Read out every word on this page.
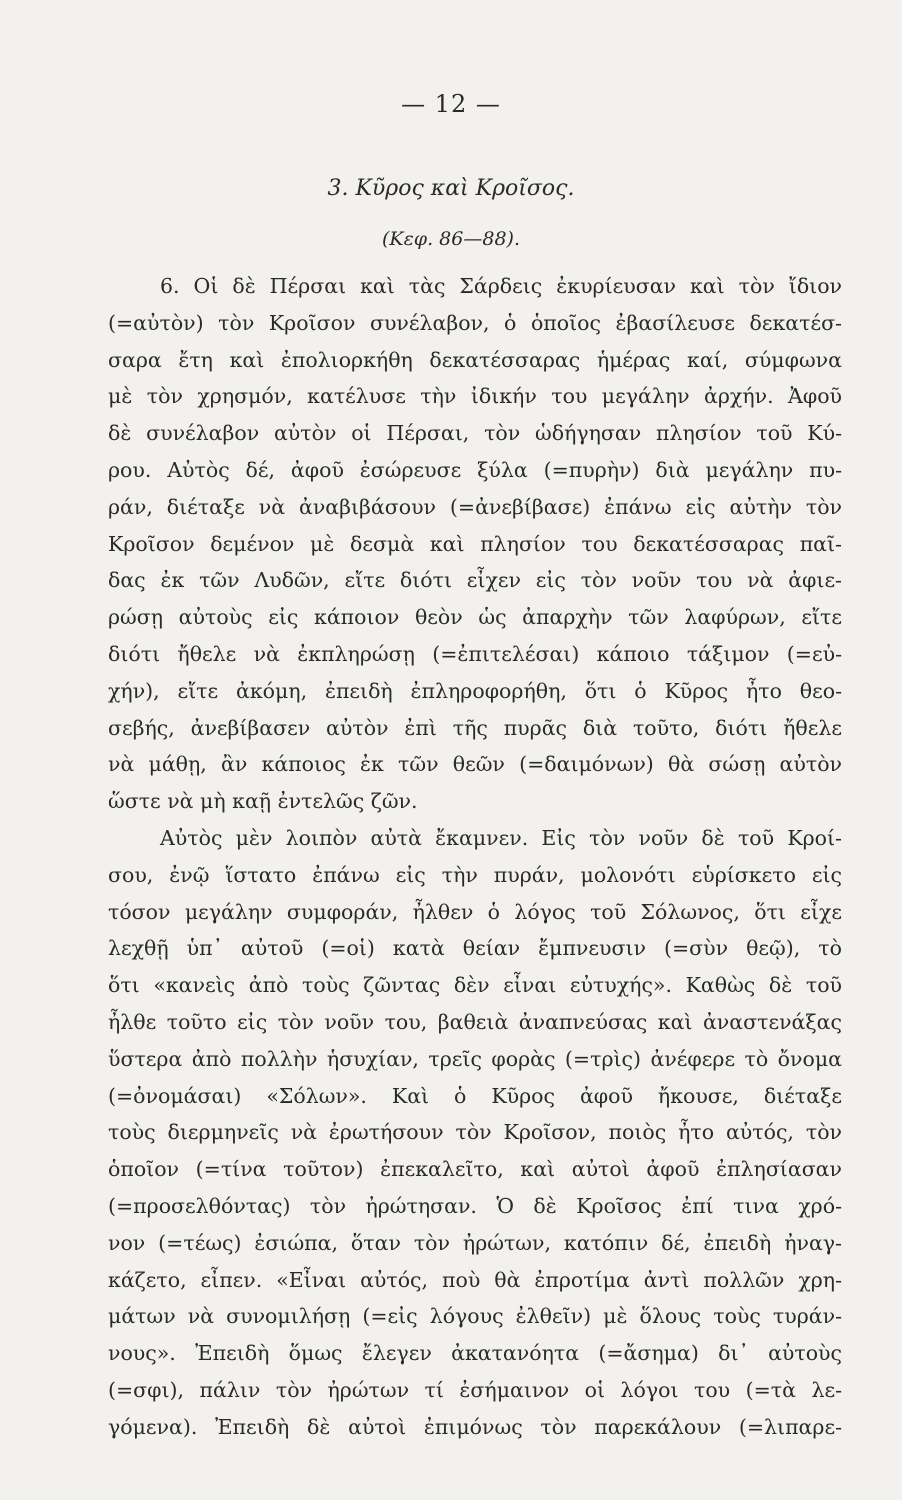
— 12 —
3. Κῦρος καὶ Κροῖσος.
(Κεφ. 86—88).
6. Οἱ δὲ Πέρσαι καὶ τὰς Σάρδεις ἐκυρίευσαν καὶ τὸν ἴδιον
(=αὐτὸν) τὸν Κροῖσον συνέλαβον, ὁ ὁποῖος ἐβασίλευσε δεκατέσ-
σαρα ἔτη καὶ ἐπολιορκήθη δεκατέσσαρας ἡμέρας καί, σύμφωνα
μὲ τὸν χρησμόν, κατέλυσε τὴν ἰδικήν του μεγάλην ἀρχήν. Ἀφοῦ
δὲ συνέλαβον αὐτὸν οἱ Πέρσαι, τὸν ὡδήγησαν πλησίον τοῦ Κύ-
ρου. Αὐτὸς δέ, ἀφοῦ ἐσώρευσε ξύλα (=πυρὴν) διὰ μεγάλην πυ-
ράν, διέταξε νὰ ἀναβιβάσουν (=ἀνεβίβασε) ἐπάνω εἰς αὐτὴν τὸν
Κροῖσον δεμένον μὲ δεσμὰ καὶ πλησίον του δεκατέσσαρας παῖ-
δας ἐκ τῶν Λυδῶν, εἴτε διότι εἶχεν εἰς τὸν νοῦν του νὰ ἀφιε-
ρώσῃ αὐτοὺς εἰς κάποιον θεὸν ὡς ἀπαρχὴν τῶν λαφύρων, εἴτε
διότι ἤθελε νὰ ἐκπληρώσῃ (=ἐπιτελέσαι) κάποιο τάξιμον (=εὐ-
χήν), εἴτε ἀκόμη, ἐπειδὴ ἐπληροφορήθη, ὅτι ὁ Κῦρος ἦτο θεο-
σεβής, ἀνεβίβασεν αὐτὸν ἐπὶ τῆς πυρᾶς διὰ τοῦτο, διότι ἤθελε
νὰ μάθῃ, ἂν κάποιος ἐκ τῶν θεῶν (=δαιμόνων) θὰ σώσῃ αὐτὸν
ὥστε νὰ μὴ καῇ ἐντελῶς ζῶν.
Αὐτὸς μὲν λοιπὸν αὐτὰ ἔκαμνεν. Εἰς τὸν νοῦν δὲ τοῦ Κροί-
σου, ἐνῷ ἵστατο ἐπάνω εἰς τὴν πυράν, μολονότι εὑρίσκετο εἰς
τόσον μεγάλην συμφοράν, ἦλθεν ὁ λόγος τοῦ Σόλωνος, ὅτι εἶχε
λεχθῇ ὑπ᾿ αὐτοῦ (=οἱ) κατὰ θείαν ἔμπνευσιν (=σὺν θεῷ), τὸ
ὅτι «κανεὶς ἀπὸ τοὺς ζῶντας δὲν εἶναι εὐτυχής». Καθὼς δὲ τοῦ
ἦλθε τοῦτο εἰς τὸν νοῦν του, βαθειὰ ἀναπνεύσας καὶ ἀναστενάξας
ὕστερα ἀπὸ πολλὴν ἡσυχίαν, τρεῖς φορὰς (=τρὶς) ἀνέφερε τὸ ὄνομα
(=ὀνομάσαι) «Σόλων». Καὶ ὁ Κῦρος ἀφοῦ ἤκουσε, διέταξε
τοὺς διερμηνεῖς νὰ ἐρωτήσουν τὸν Κροῖσον, ποιὸς ἦτο αὐτός, τὸν
ὁποῖον (=τίνα τοῦτον) ἐπεκαλεῖτο, καὶ αὐτοὶ ἀφοῦ ἐπλησίασαν
(=προσελθόντας) τὸν ἠρώτησαν. Ὁ δὲ Κροῖσος ἐπί τινα χρό-
νον (=τέως) ἐσιώπα, ὅταν τὸν ἠρώτων, κατόπιν δέ, ἐπειδὴ ἠναγ-
κάζετο, εἶπεν. «Εἶναι αὐτός, ποὺ θὰ ἐπροτίμα ἀντὶ πολλῶν χρη-
μάτων νὰ συνομιλήσῃ (=εἰς λόγους ἐλθεῖν) μὲ ὅλους τοὺς τυράν-
νους». Ἐπειδὴ ὅμως ἔλεγεν ἀκατανόητα (=ἄσημα) δι᾿ αὐτοὺς
(=σφι), πάλιν τὸν ἠρώτων τί ἐσήμαινον οἱ λόγοι του (=τὰ λε-
γόμενα). Ἐπειδὴ δὲ αὐτοὶ ἐπιμόνως τὸν παρεκάλουν (=λιπαρε-
